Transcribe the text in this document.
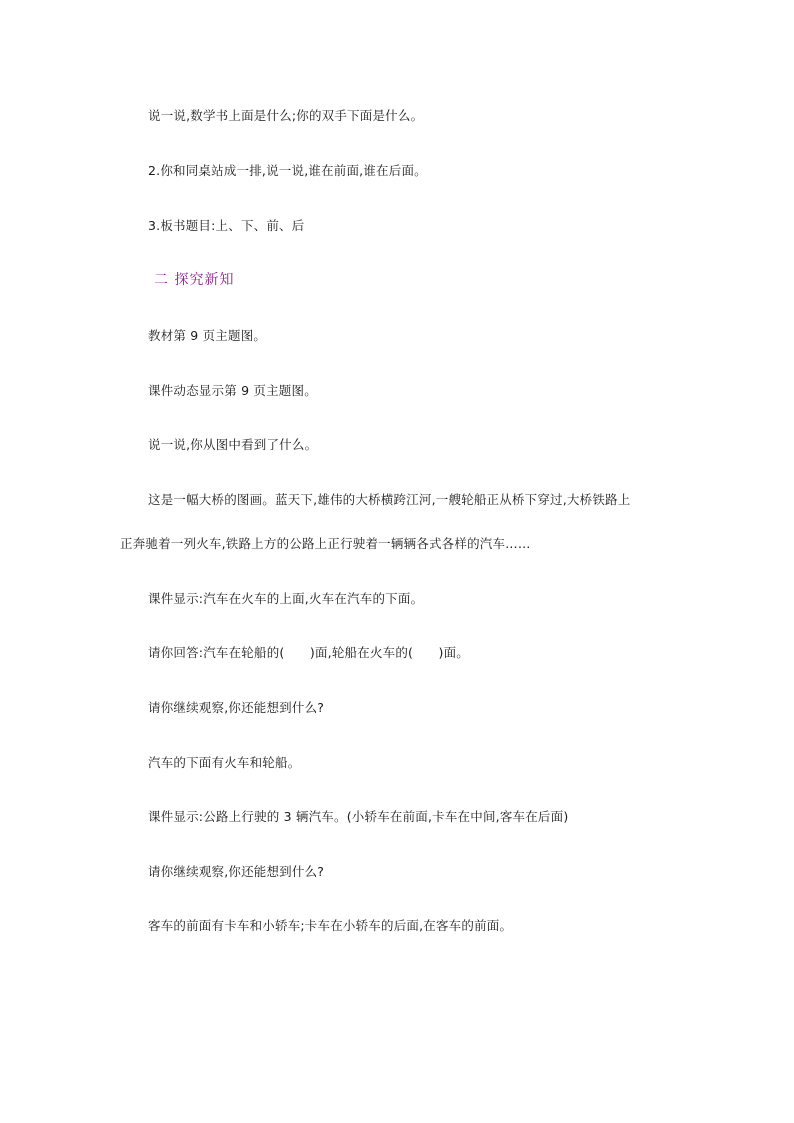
说一说,数学书上面是什么;你的双手下面是什么。
2.你和同桌站成一排,说一说,谁在前面,谁在后面。
3.板书题目:上、下、前、后
二 探究新知
教材第 9 页主题图。
课件动态显示第 9 页主题图。
说一说,你从图中看到了什么。
这是一幅大桥的图画。蓝天下,雄伟的大桥横跨江河,一艘轮船正从桥下穿过,大桥铁路上
正奔驰着一列火车,铁路上方的公路上正行驶着一辆辆各式各样的汽车……
课件显示:汽车在火车的上面,火车在汽车的下面。
请你回答:汽车在轮船的(　　)面,轮船在火车的(　　)面。
请你继续观察,你还能想到什么?
汽车的下面有火车和轮船。
课件显示:公路上行驶的 3 辆汽车。(小轿车在前面,卡车在中间,客车在后面)
请你继续观察,你还能想到什么?
客车的前面有卡车和小轿车;卡车在小轿车的后面,在客车的前面。
